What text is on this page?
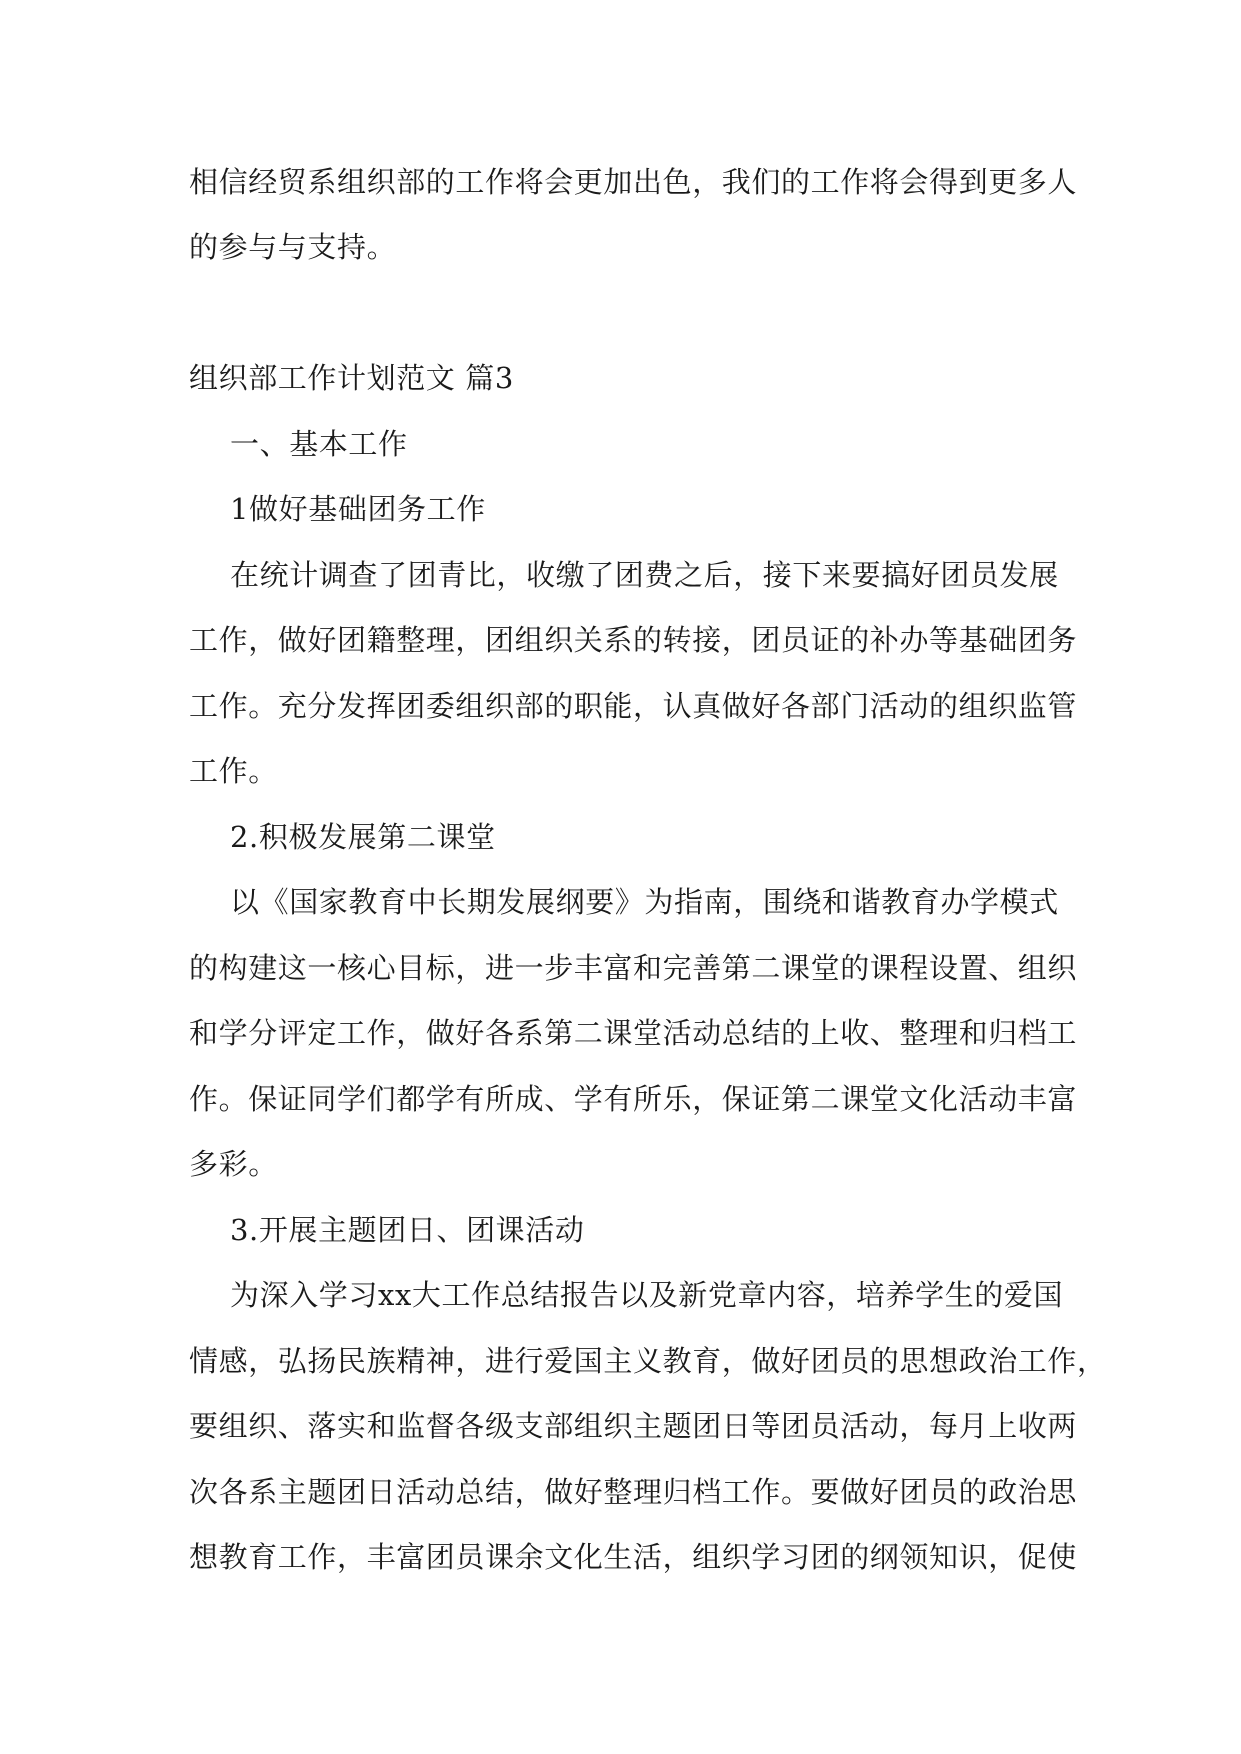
相信经贸系组织部的工作将会更加出色，我们的工作将会得到更多人
的参与与支持。
组织部工作计划范文 篇3
一、基本工作
1做好基础团务工作
在统计调查了团青比，收缴了团费之后，接下来要搞好团员发展
工作，做好团籍整理，团组织关系的转接，团员证的补办等基础团务
工作。充分发挥团委组织部的职能，认真做好各部门活动的组织监管
工作。
2.积极发展第二课堂
以《国家教育中长期发展纲要》为指南，围绕和谐教育办学模式
的构建这一核心目标，进一步丰富和完善第二课堂的课程设置、组织
和学分评定工作，做好各系第二课堂活动总结的上收、整理和归档工
作。保证同学们都学有所成、学有所乐，保证第二课堂文化活动丰富
多彩。
3.开展主题团日、团课活动
为深入学习xx大工作总结报告以及新党章内容，培养学生的爱国
情感，弘扬民族精神，进行爱国主义教育，做好团员的思想政治工作，
要组织、落实和监督各级支部组织主题团日等团员活动，每月上收两
次各系主题团日活动总结，做好整理归档工作。要做好团员的政治思
想教育工作，丰富团员课余文化生活，组织学习团的纲领知识，促使
